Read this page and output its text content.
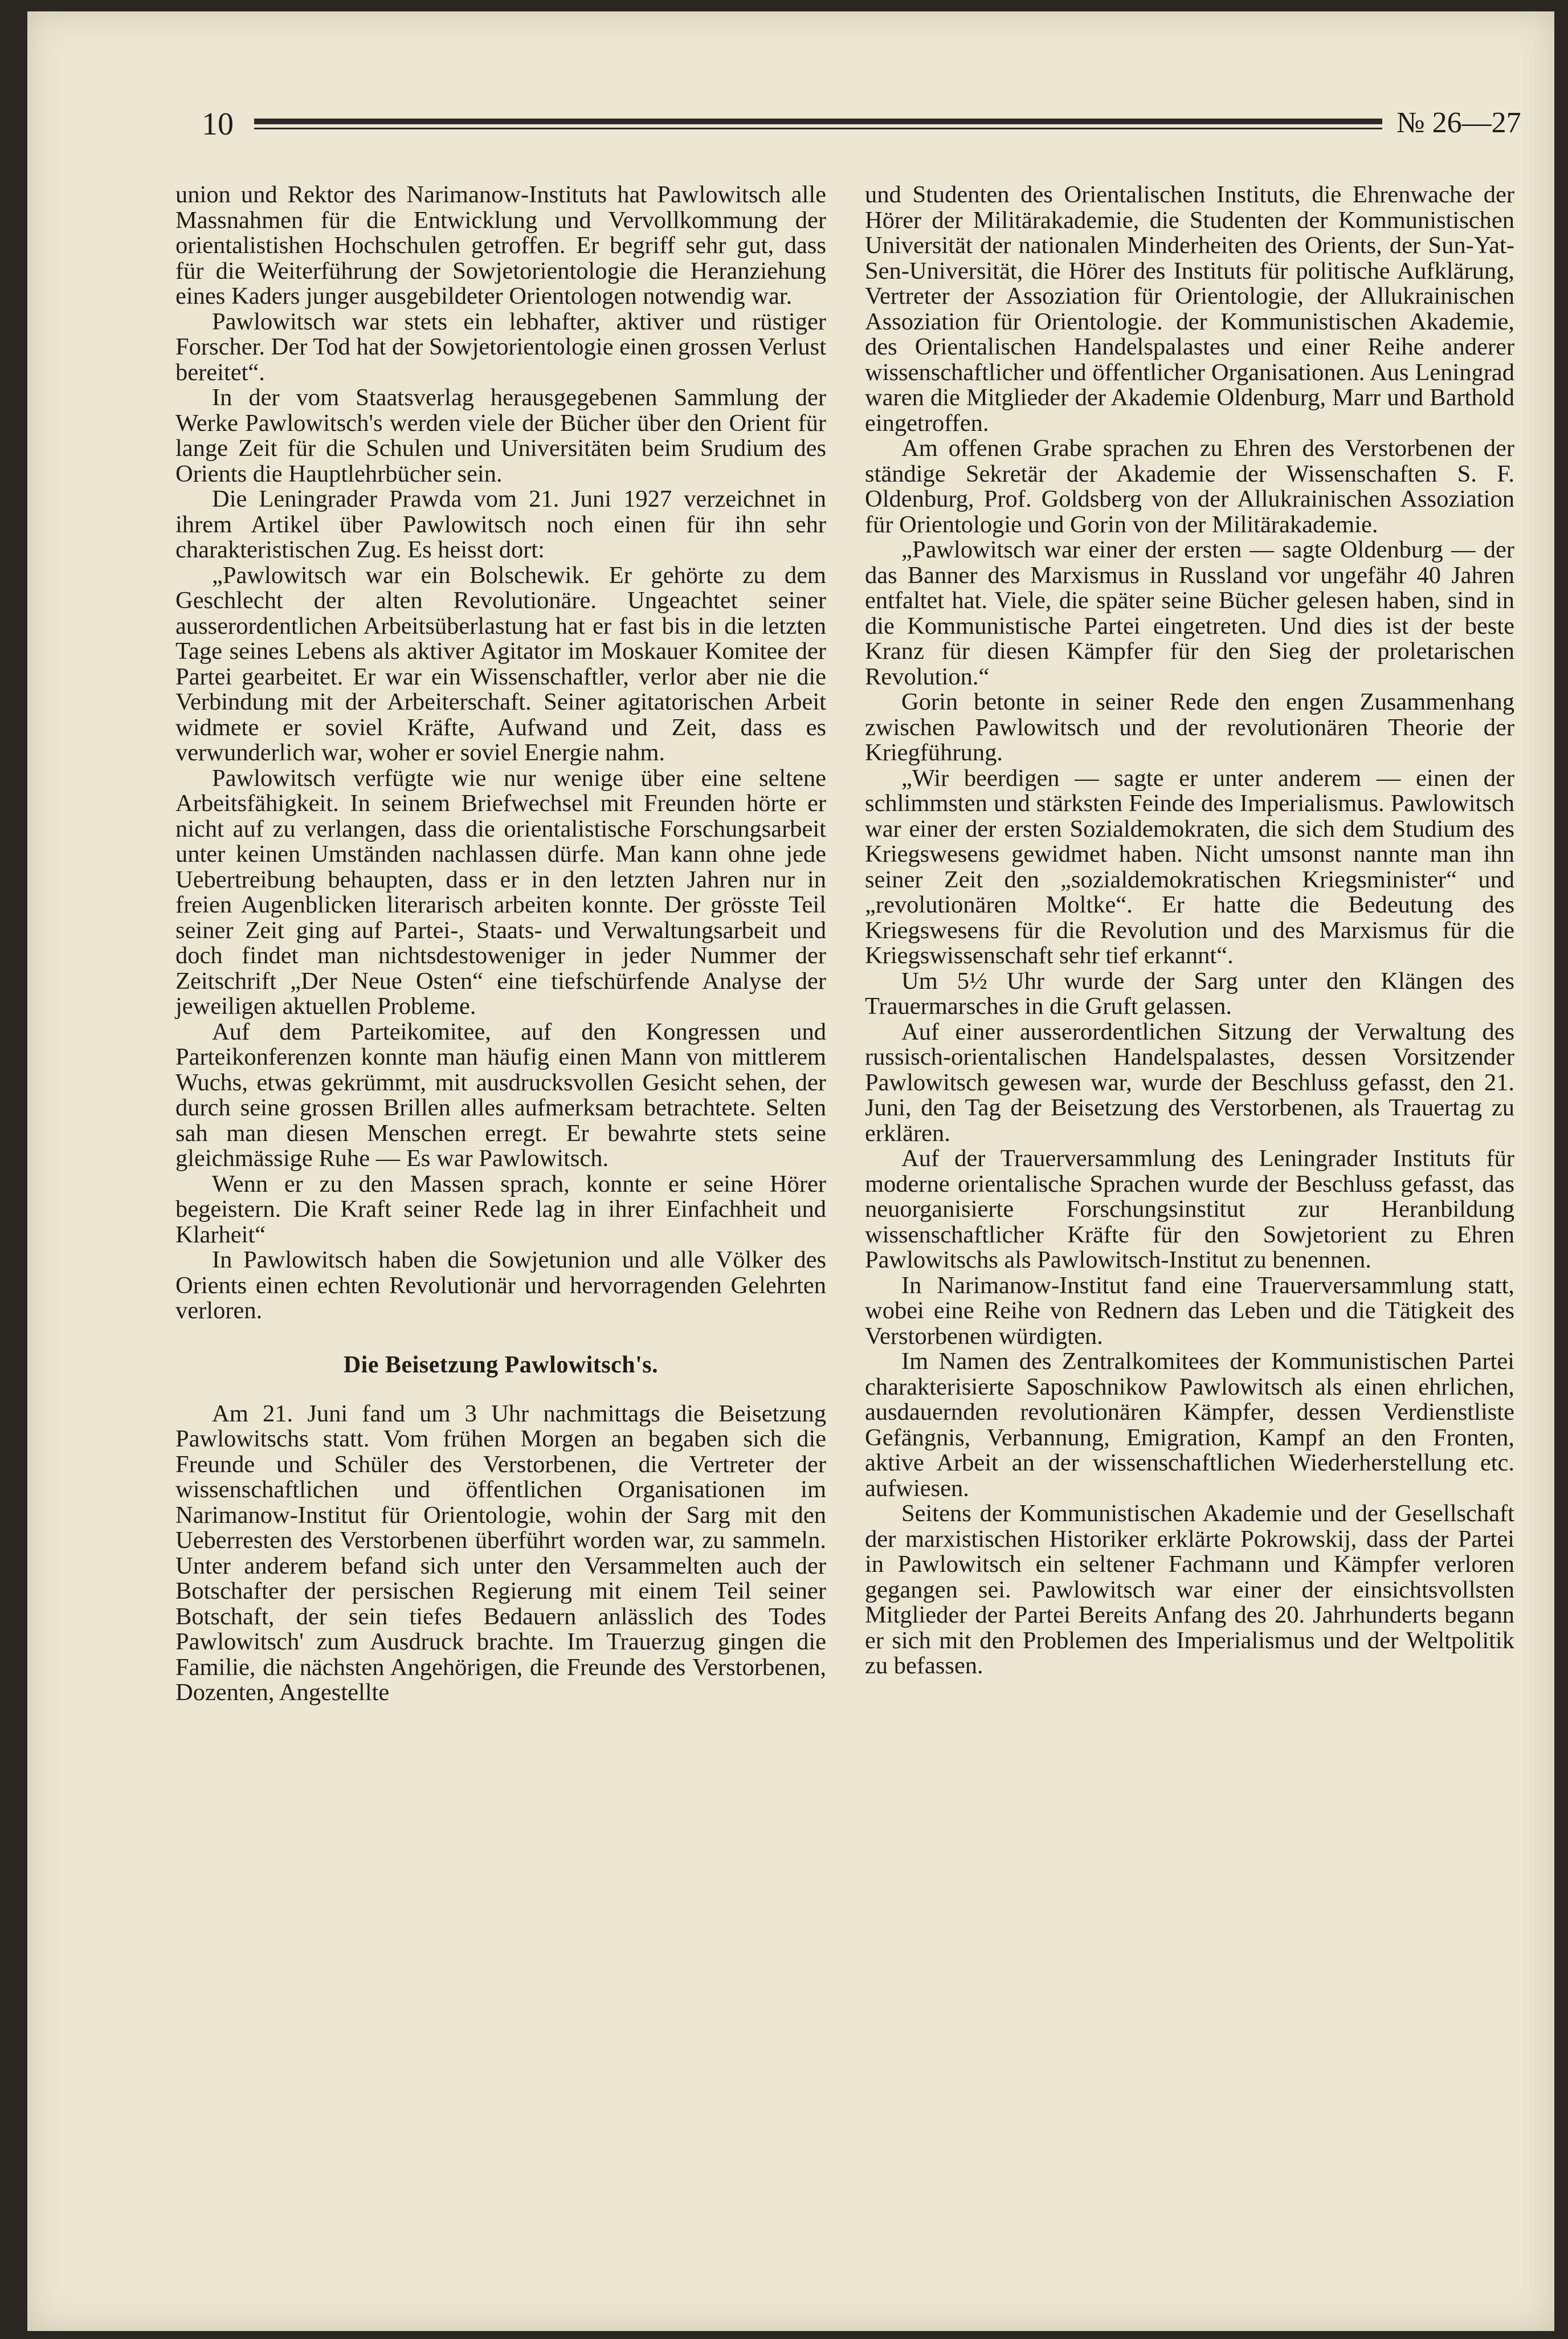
10	№ 26—27

union und Rektor des Narimanow-Instituts hat Pawlowitsch alle Massnahmen für die Entwicklung und Vervollkommung der orientalistishen Hochschulen getroffen. Er begriff sehr gut, dass für die Weiterführung der Sowjetorientologie die Heranziehung eines Kaders junger ausgebildeter Orientologen notwendig war.

Pawlowitsch war stets ein lebhafter, aktiver und rüstiger Forscher. Der Tod hat der Sowjetorientologie einen grossen Verlust bereitet“.

In der vom Staatsverlag herausgegebenen Sammlung der Werke Pawlowitsch's werden viele der Bücher über den Orient für lange Zeit für die Schulen und Universitäten beim Srudium des Orients die Hauptlehrbücher sein.

Die Leningrader Prawda vom 21. Juni 1927 verzeichnet in ihrem Artikel über Pawlowitsch noch einen für ihn sehr charakteristischen Zug. Es heisst dort:

„Pawlowitsch war ein Bolschewik. Er gehörte zu dem Geschlecht der alten Revolutionäre. Ungeachtet seiner ausserordentlichen Arbeitsüberlastung hat er fast bis in die letzten Tage seines Lebens als aktiver Agitator im Moskauer Komitee der Partei gearbeitet. Er war ein Wissenschaftler, verlor aber nie die Verbindung mit der Arbeiterschaft. Seiner agitatorischen Arbeit widmete er soviel Kräfte, Aufwand und Zeit, dass es verwunderlich war, woher er soviel Energie nahm.

Pawlowitsch verfügte wie nur wenige über eine seltene Arbeitsfähigkeit. In seinem Briefwechsel mit Freunden hörte er nicht auf zu verlangen, dass die orientalistische Forschungsarbeit unter keinen Umständen nachlassen dürfe. Man kann ohne jede Uebertreibung behaupten, dass er in den letzten Jahren nur in freien Augenblicken literarisch arbeiten konnte. Der grösste Teil seiner Zeit ging auf Partei-, Staats- und Verwaltungsarbeit und doch findet man nichtsdestoweniger in jeder Nummer der Zeitschrift „Der Neue Osten“ eine tiefschürfende Analyse der jeweiligen aktuellen Probleme.

Auf dem Parteikomitee, auf den Kongressen und Parteikonferenzen konnte man häufig einen Mann von mittlerem Wuchs, etwas gekrümmt, mit ausdrucksvollen Gesicht sehen, der durch seine grossen Brillen alles aufmerksam betrachtete. Selten sah man diesen Menschen erregt. Er bewahrte stets seine gleichmässige Ruhe — Es war Pawlowitsch.

Wenn er zu den Massen sprach, konnte er seine Hörer begeistern. Die Kraft seiner Rede lag in ihrer Einfachheit und Klarheit“

In Pawlowitsch haben die Sowjetunion und alle Völker des Orients einen echten Revolutionär und hervorragenden Gelehrten verloren.

Die Beisetzung Pawlowitsch's.

Am 21. Juni fand um 3 Uhr nachmittags die Beisetzung Pawlowitschs statt. Vom frühen Morgen an begaben sich die Freunde und Schüler des Verstorbenen, die Vertreter der wissenschaftlichen und öffentlichen Organisationen im Narimanow-Institut für Orientologie, wohin der Sarg mit den Ueberresten des Verstorbenen überführt worden war, zu sammeln. Unter anderem befand sich unter den Versammelten auch der Botschafter der persischen Regierung mit einem Teil seiner Botschaft, der sein tiefes Bedauern anlässlich des Todes Pawlowitsch' zum Ausdruck brachte. Im Trauerzug gingen die Familie, die nächsten Angehörigen, die Freunde des Verstorbenen, Dozenten, Angestellte

und Studenten des Orientalischen Instituts, die Ehrenwache der Hörer der Militärakademie, die Studenten der Kommunistischen Universität der nationalen Minderheiten des Orients, der Sun-Yat-Sen-Universität, die Hörer des Instituts für politische Aufklärung, Vertreter der Assoziation für Orientologie, der Allukrainischen Assoziation für Orientologie. der Kommunistischen Akademie, des Orientalischen Handelspalastes und einer Reihe anderer wissenschaftlicher und öffentlicher Organisationen. Aus Leningrad waren die Mitglieder der Akademie Oldenburg, Marr und Barthold eingetroffen.

Am offenen Grabe sprachen zu Ehren des Verstorbenen der ständige Sekretär der Akademie der Wissenschaften S. F. Oldenburg, Prof. Goldsberg von der Allukrainischen Assoziation für Orientologie und Gorin von der Militärakademie.

„Pawlowitsch war einer der ersten — sagte Oldenburg — der das Banner des Marxismus in Russland vor ungefähr 40 Jahren entfaltet hat. Viele, die später seine Bücher gelesen haben, sind in die Kommunistische Partei eingetreten. Und dies ist der beste Kranz für diesen Kämpfer für den Sieg der proletarischen Revolution.“

Gorin betonte in seiner Rede den engen Zusammenhang zwischen Pawlowitsch und der revolutionären Theorie der Kriegführung.

„Wir beerdigen — sagte er unter anderem — einen der schlimmsten und stärksten Feinde des Imperialismus. Pawlowitsch war einer der ersten Sozialdemokraten, die sich dem Studium des Kriegswesens gewidmet haben. Nicht umsonst nannte man ihn seiner Zeit den „sozialdemokratischen Kriegsminister“ und „revolutionären Moltke“. Er hatte die Bedeutung des Kriegswesens für die Revolution und des Marxismus für die Kriegswissenschaft sehr tief erkannt“.

Um 5½ Uhr wurde der Sarg unter den Klängen des Trauermarsches in die Gruft gelassen.

Auf einer ausserordentlichen Sitzung der Verwaltung des russisch-orientalischen Handelspalastes, dessen Vorsitzender Pawlowitsch gewesen war, wurde der Beschluss gefasst, den 21. Juni, den Tag der Beisetzung des Verstorbenen, als Trauertag zu erklären.

Auf der Trauerversammlung des Leningrader Instituts für moderne orientalische Sprachen wurde der Beschluss gefasst, das neuorganisierte Forschungsinstitut zur Heranbildung wissenschaftlicher Kräfte für den Sowjetorient zu Ehren Pawlowitschs als Pawlowitsch-Institut zu benennen.

In Narimanow-Institut fand eine Trauerversammlung statt, wobei eine Reihe von Rednern das Leben und die Tätigkeit des Verstorbenen würdigten.

Im Namen des Zentralkomitees der Kommunistischen Partei charakterisierte Saposchnikow Pawlowitsch als einen ehrlichen, ausdauernden revolutionären Kämpfer, dessen Verdienstliste Gefängnis, Verbannung, Emigration, Kampf an den Fronten, aktive Arbeit an der wissenschaftlichen Wiederherstellung etc. aufwiesen.

Seitens der Kommunistischen Akademie und der Gesellschaft der marxistischen Historiker erklärte Pokrowskij, dass der Partei in Pawlowitsch ein seltener Fachmann und Kämpfer verloren gegangen sei. Pawlowitsch war einer der einsichtsvollsten Mitglieder der Partei Bereits Anfang des 20. Jahrhunderts begann er sich mit den Problemen des Imperialismus und der Weltpolitik zu befassen.
